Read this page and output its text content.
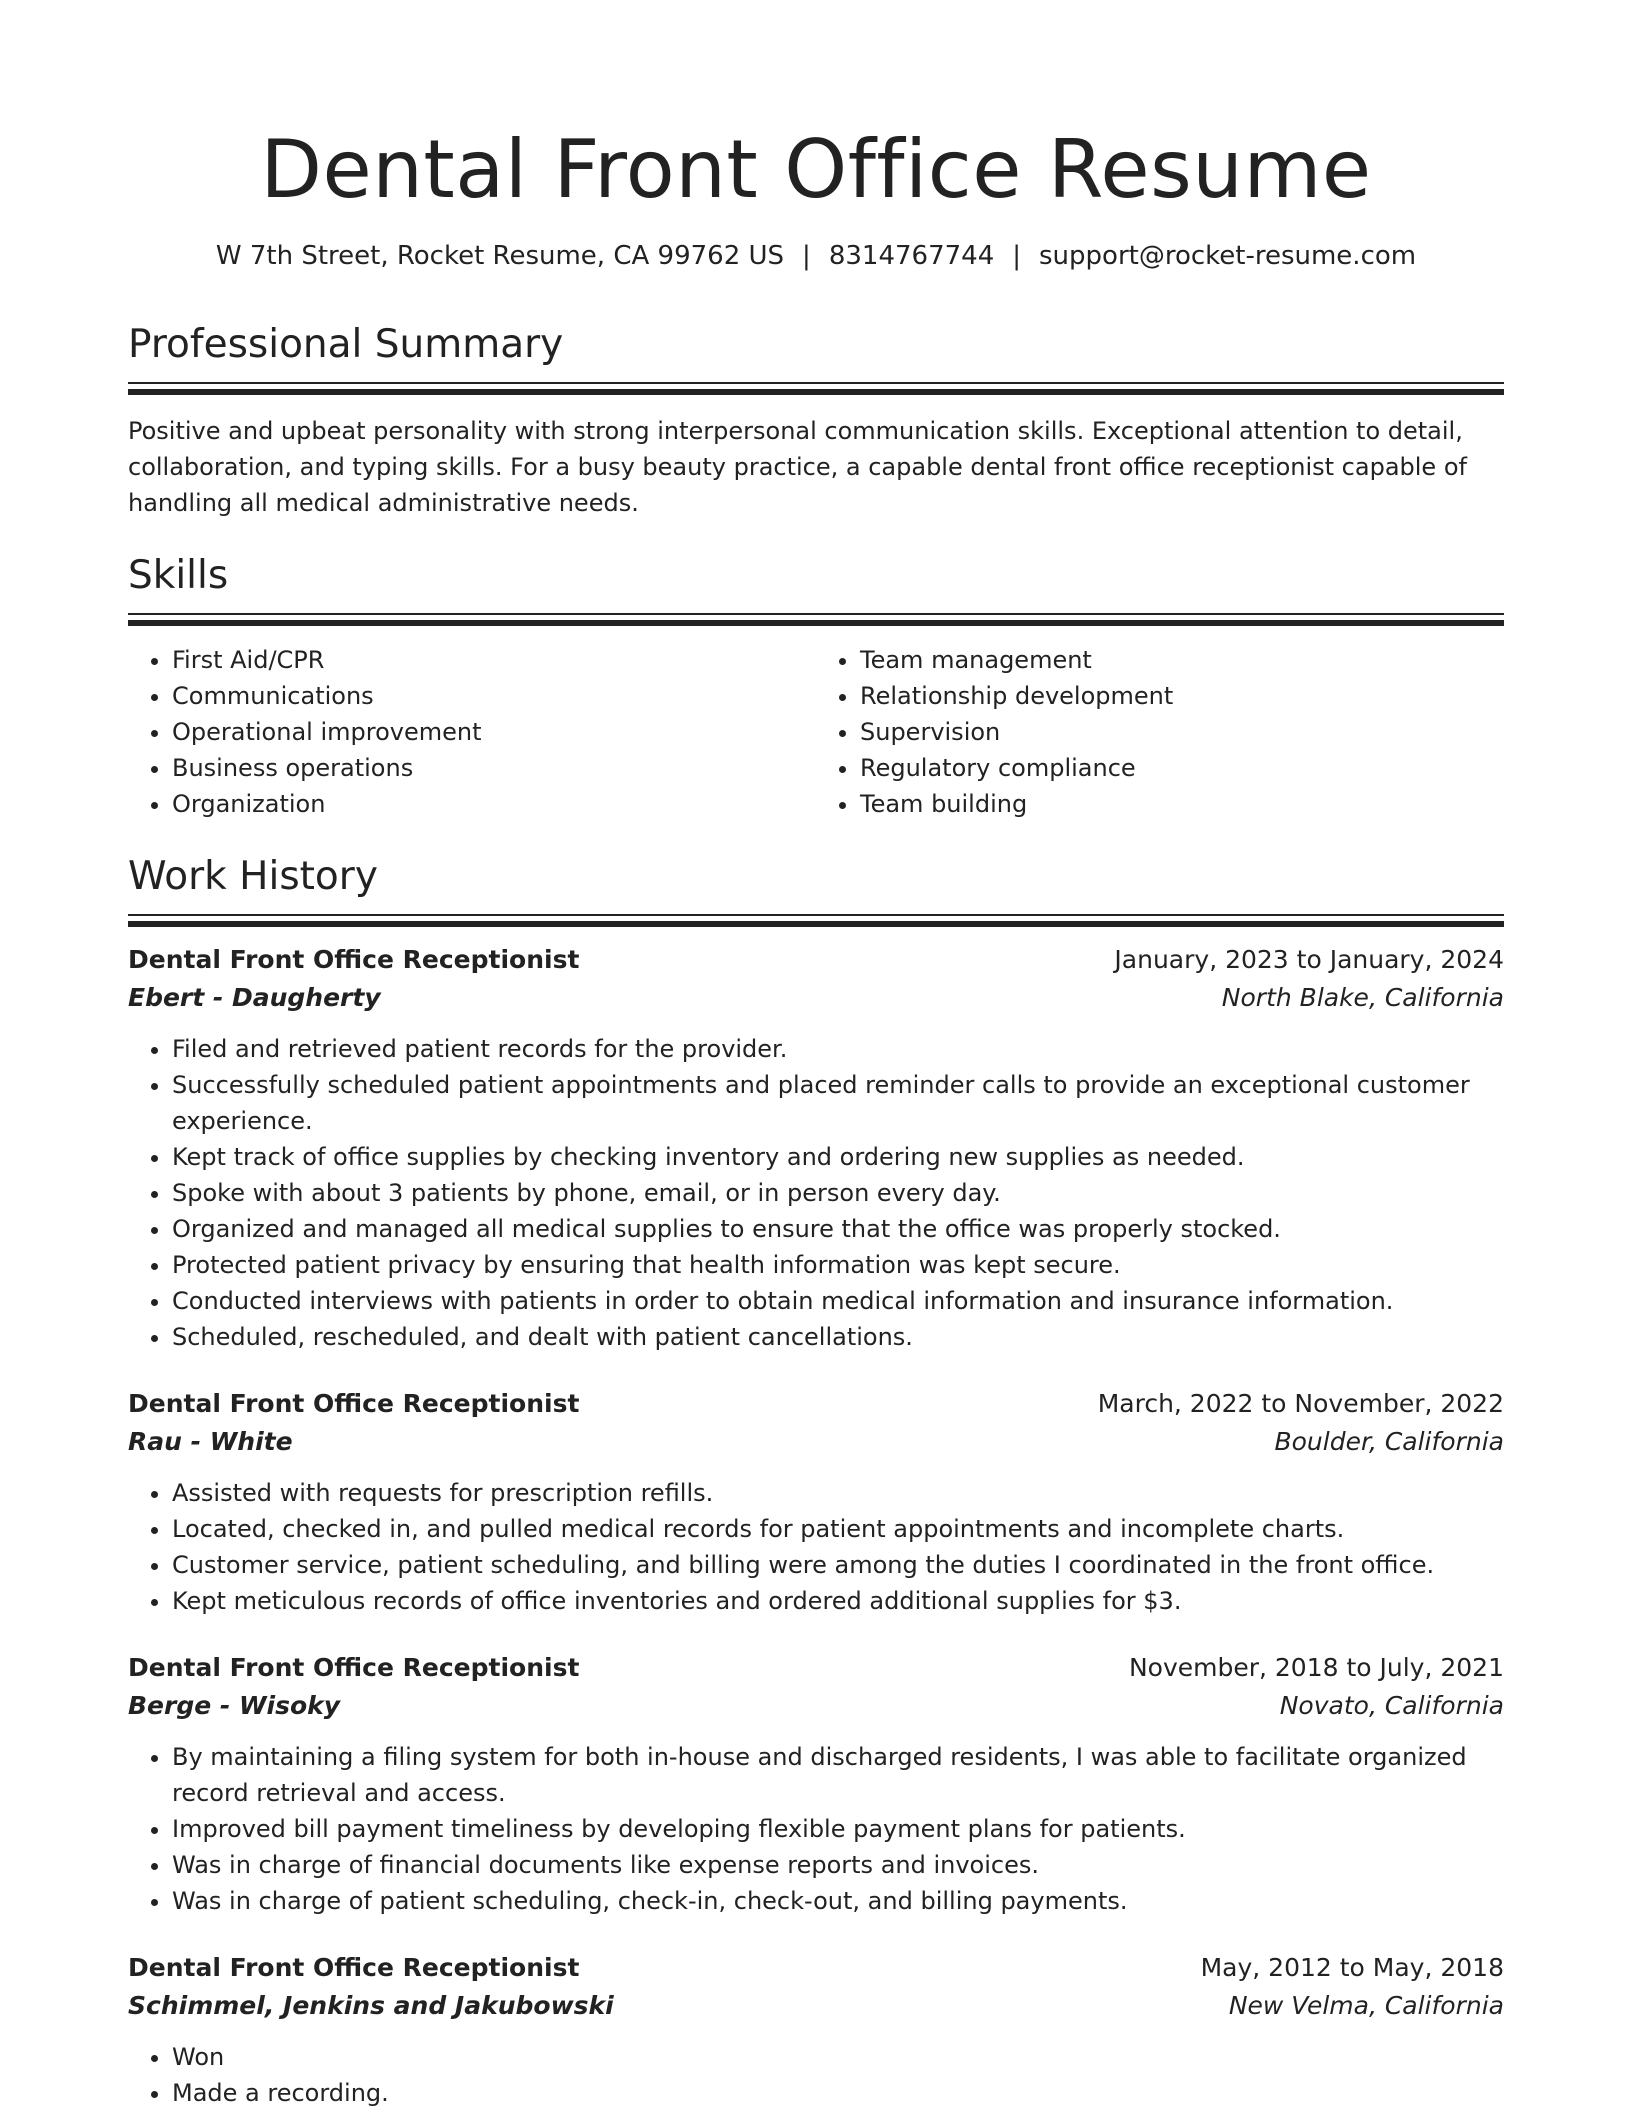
Dental Front Office Resume
W 7th Street, Rocket Resume, CA 99762 US | 8314767744 | support@rocket-resume.com
Professional Summary

Positive and upbeat personality with strong interpersonal communication skills. Exceptional attention to detail, collaboration, and typing skills. For a busy beauty practice, a capable dental front office receptionist capable of handling all medical administrative needs.

Skills
• First Aid/CPR
• Communications
• Operational improvement
• Business operations
• Organization
• Team management
• Relationship development
• Supervision
• Regulatory compliance
• Team building
Work History
Dental Front Office Receptionist	January, 2023 to January, 2024
Ebert - Daugherty	North Blake, California
• Filed and retrieved patient records for the provider.
• Successfully scheduled patient appointments and placed reminder calls to provide an exceptional customer experience.
• Kept track of office supplies by checking inventory and ordering new supplies as needed.
• Spoke with about 3 patients by phone, email, or in person every day.
• Organized and managed all medical supplies to ensure that the office was properly stocked.
• Protected patient privacy by ensuring that health information was kept secure.
• Conducted interviews with patients in order to obtain medical information and insurance information.
• Scheduled, rescheduled, and dealt with patient cancellations.
Dental Front Office Receptionist	March, 2022 to November, 2022
Rau - White	Boulder, California
• Assisted with requests for prescription refills.
• Located, checked in, and pulled medical records for patient appointments and incomplete charts.
• Customer service, patient scheduling, and billing were among the duties I coordinated in the front office.
• Kept meticulous records of office inventories and ordered additional supplies for $3.
Dental Front Office Receptionist	November, 2018 to July, 2021
Berge - Wisoky	Novato, California
• By maintaining a filing system for both in-house and discharged residents, I was able to facilitate organized record retrieval and access.
• Improved bill payment timeliness by developing flexible payment plans for patients.
• Was in charge of financial documents like expense reports and invoices.
• Was in charge of patient scheduling, check-in, check-out, and billing payments.
Dental Front Office Receptionist	May, 2012 to May, 2018
Schimmel, Jenkins and Jakubowski	New Velma, California
• Won
• Made a recording.
